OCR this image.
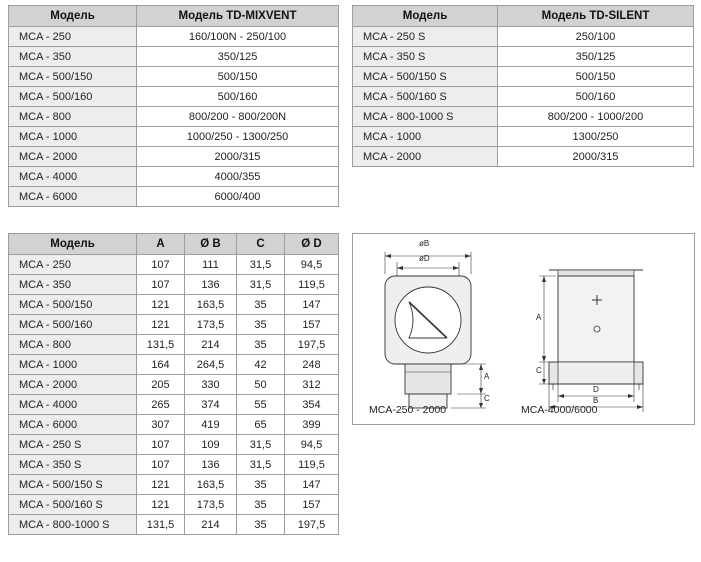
Модель	Модель TD-MIXVENT
MCA - 250	160/100N - 250/100
MCA - 350	350/125
MCA - 500/150	500/150
MCA - 500/160	500/160
MCA - 800	800/200 - 800/200N
MCA - 1000	1000/250 - 1300/250
MCA - 2000	2000/315
MCA - 4000	4000/355
MCA - 6000	6000/400
Модель	Модель TD-SILENT
MCA - 250 S	250/100
MCA - 350 S	350/125
MCA - 500/150 S	500/150
MCA - 500/160 S	500/160
MCA - 800-1000 S	800/200 - 1000/200
MCA - 1000	1300/250
MCA - 2000	2000/315
Модель	A	Ø B	C	Ø D
MCA - 250	107	111	31,5	94,5
MCA - 350	107	136	31,5	119,5
MCA - 500/150	121	163,5	35	147
MCA - 500/160	121	173,5	35	157
MCA - 800	131,5	214	35	197,5
MCA - 1000	164	264,5	42	248
MCA - 2000	205	330	50	312
MCA - 4000	265	374	55	354
MCA - 6000	307	419	65	399
MCA - 250 S	107	109	31,5	94,5
MCA - 350 S	107	136	31,5	119,5
MCA - 500/150 S	121	163,5	35	147
MCA - 500/160 S	121	173,5	35	157
MCA - 800-1000 S	131,5	214	35	197,5
øB
øD
A
C
A
C
D
B
MCA-250 - 2000	MCA-4000/6000
